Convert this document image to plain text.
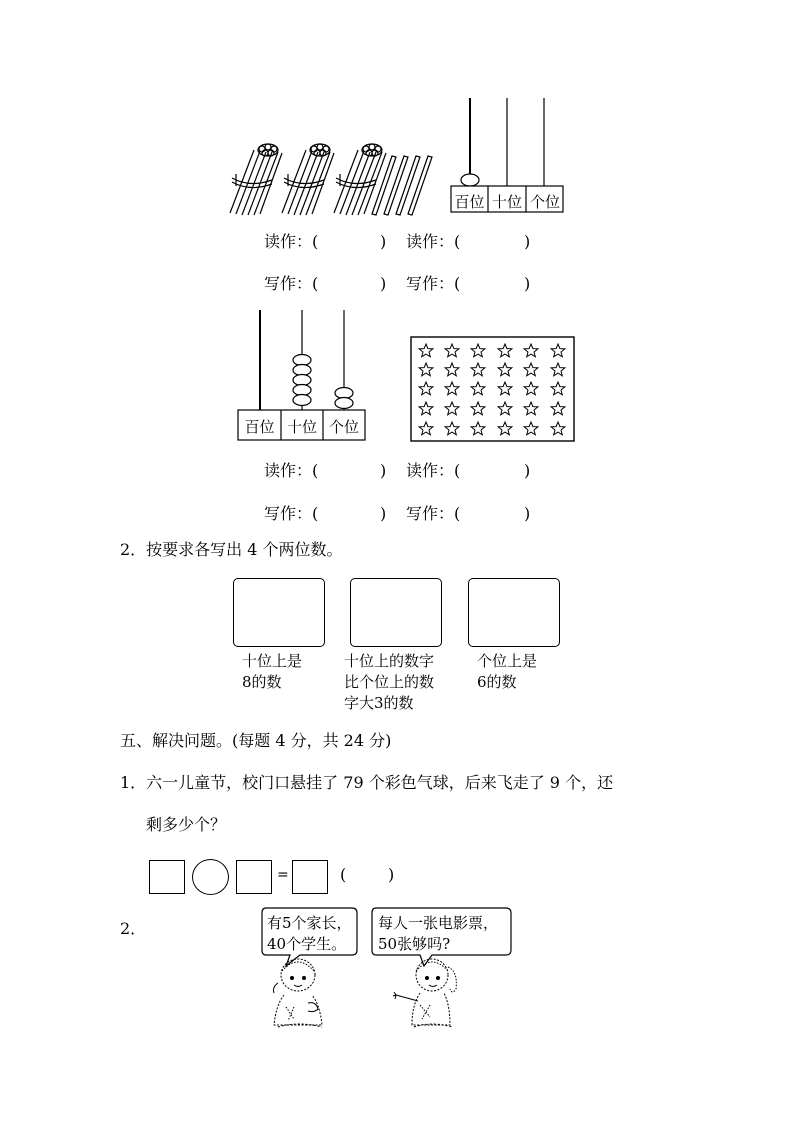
百位 十位 个位
读作：(	) 读作：(	)
写作：(	) 写作：(	)
百位 十位 个位
读作：(	) 读作：(	)
写作：(	) 写作：(	)
2．按要求各写出 4 个两位数。
十位上是
8的数
十位上的数字
比个位上的数
字大3的数
个位上是
6的数
五、解决问题。(每题 4 分，共 24 分)
1．六一儿童节，校门口悬挂了 79 个彩色气球，后来飞走了 9 个，还
剩多少个？
=	(	)
2．	有5个家长，
40个学生。
每人一张电影票，
50张够吗?
